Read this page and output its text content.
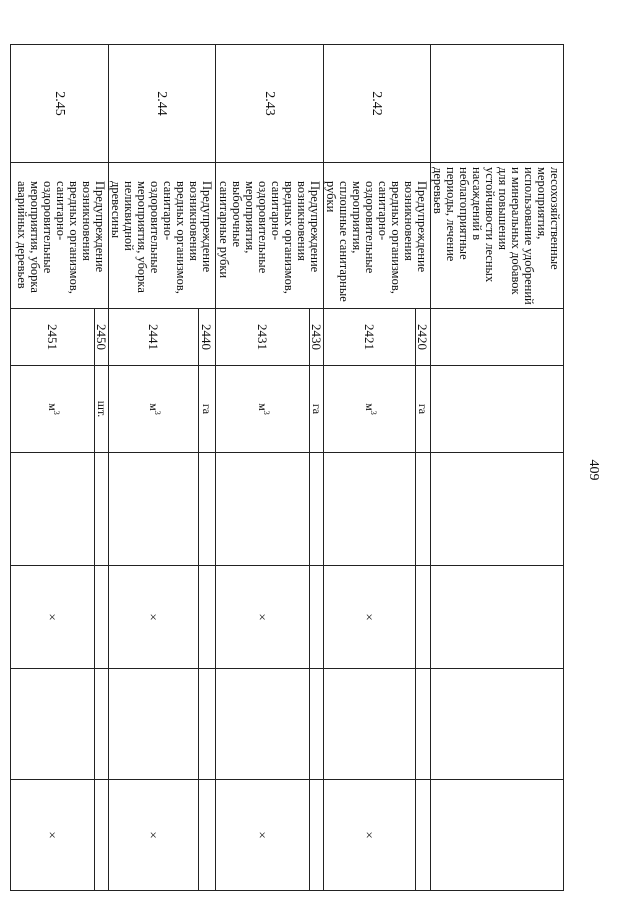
409
	лесохозяйственные мероприятия, использование удобрений и минеральных добавок для повышения устойчивости лесных насаждений в неблагоприятные периоды, лечение деревьев						
2.42	Предупреждение возникновения вредных организмов, санитарно-оздоровительные мероприятия, сплошные санитарные рубки	2420	га				
		2421	$м^3$		×		×
2.43	Предупреждение возникновения вредных организмов, санитарно-оздоровительные мероприятия, выборочные санитарные рубки	2430	га				
		2431	$м^3$		×		×
2.44	Предупреждение возникновения вредных организмов, санитарно-оздоровительные мероприятия, уборка неликвидной древесины	2440	га				
		2441	$м^3$		×		×
2.45	Предупреждение возникновения вредных организмов, санитарно-оздоровительные мероприятия, уборка аварийных деревьев	2450	шт.				
		2451	$м^3$		×		×
